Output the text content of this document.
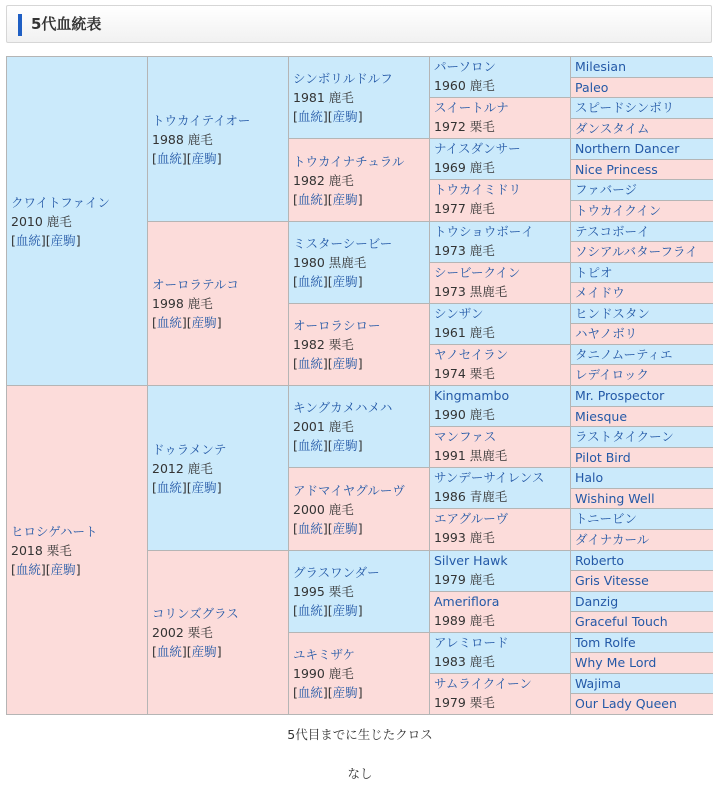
5代血統表
クワイトファイン
2010 鹿毛
[血統][産駒]
ヒロシゲハート
2018 栗毛
[血統][産駒]
トウカイテイオー
1988 鹿毛
[血統][産駒]
オーロラテルコ
1998 鹿毛
[血統][産駒]
ドゥラメンテ
2012 鹿毛
[血統][産駒]
コリンズグラス
2002 栗毛
[血統][産駒]
シンボリルドルフ
1981 鹿毛
[血統][産駒]
トウカイナチュラル
1982 鹿毛
[血統][産駒]
ミスターシービー
1980 黒鹿毛
[血統][産駒]
オーロラシロー
1982 栗毛
[血統][産駒]
キングカメハメハ
2001 鹿毛
[血統][産駒]
アドマイヤグルーヴ
2000 鹿毛
[血統][産駒]
グラスワンダー
1995 栗毛
[血統][産駒]
ユキミザケ
1990 鹿毛
[血統][産駒]
パーソロン
1960 鹿毛
スイートルナ
1972 栗毛
ナイスダンサー
1969 鹿毛
トウカイミドリ
1977 鹿毛
トウショウボーイ
1973 鹿毛
シービークイン
1973 黒鹿毛
シンザン
1961 鹿毛
ヤノセイラン
1974 栗毛
Kingmambo
1990 鹿毛
マンファス
1991 黒鹿毛
サンデーサイレンス
1986 青鹿毛
エアグルーヴ
1993 鹿毛
Silver Hawk
1979 鹿毛
Ameriflora
1989 鹿毛
アレミロード
1983 鹿毛
サムライクイーン
1979 栗毛
Milesian
Paleo
スピードシンボリ
ダンスタイム
Northern Dancer
Nice Princess
ファバージ
トウカイクイン
テスコボーイ
ソシアルバターフライ
トピオ
メイドウ
ヒンドスタン
ハヤノボリ
タニノムーティエ
レデイロック
Mr. Prospector
Miesque
ラストタイクーン
Pilot Bird
Halo
Wishing Well
トニービン
ダイナカール
Roberto
Gris Vitesse
Danzig
Graceful Touch
Tom Rolfe
Why Me Lord
Wajima
Our Lady Queen
5代目までに生じたクロス
なし
